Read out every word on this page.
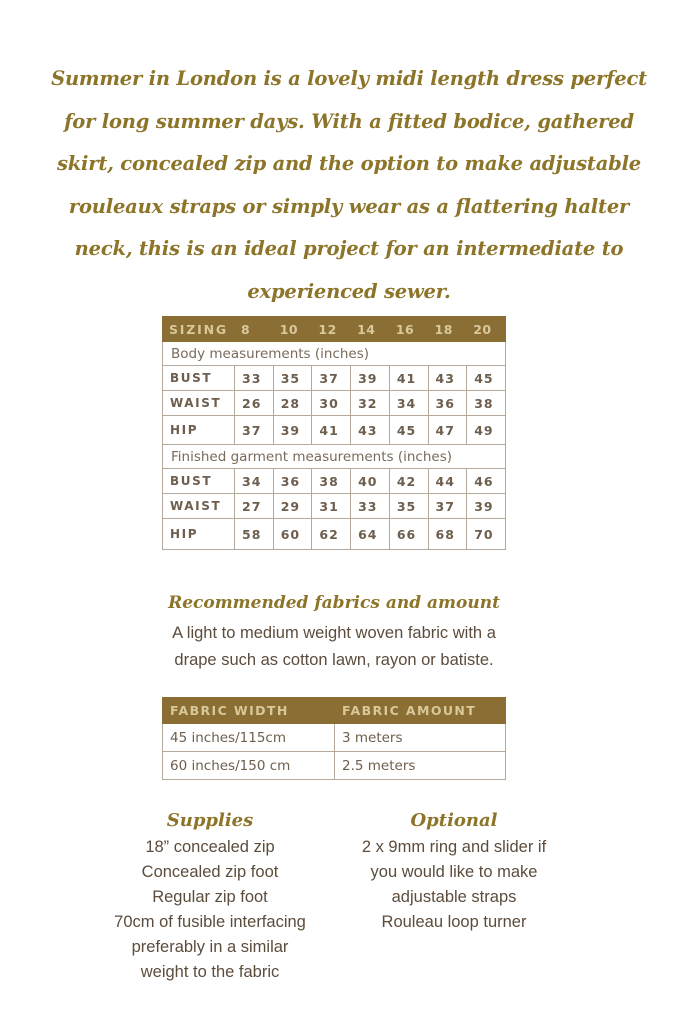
Summer in London is a lovely midi length dress perfect for long summer days. With a fitted bodice, gathered skirt, concealed zip and the option to make adjustable rouleaux straps or simply wear as a flattering halter neck, this is an ideal project for an intermediate to experienced sewer.
SIZING	8	10	12	14	16	18	20
Body measurements (inches)							
BUST	33	35	37	39	41	43	45
WAIST	26	28	30	32	34	36	38
HIP	37	39	41	43	45	47	49
Finished garment measurements (inches)							
BUST	34	36	38	40	42	44	46
WAIST	27	29	31	33	35	37	39
HIP	58	60	62	64	66	68	70
Recommended fabrics and amount
A light to medium weight woven fabric with a
drape such as cotton lawn, rayon or batiste.
FABRIC WIDTH	FABRIC AMOUNT
45 inches/115cm	3 meters
60 inches/150 cm	2.5 meters
Supplies
18” concealed zip
Concealed zip foot
Regular zip foot
70cm of fusible interfacing
preferably in a similar
weight to the fabric
Optional
2 x 9mm ring and slider if
you would like to make
adjustable straps
Rouleau loop turner
